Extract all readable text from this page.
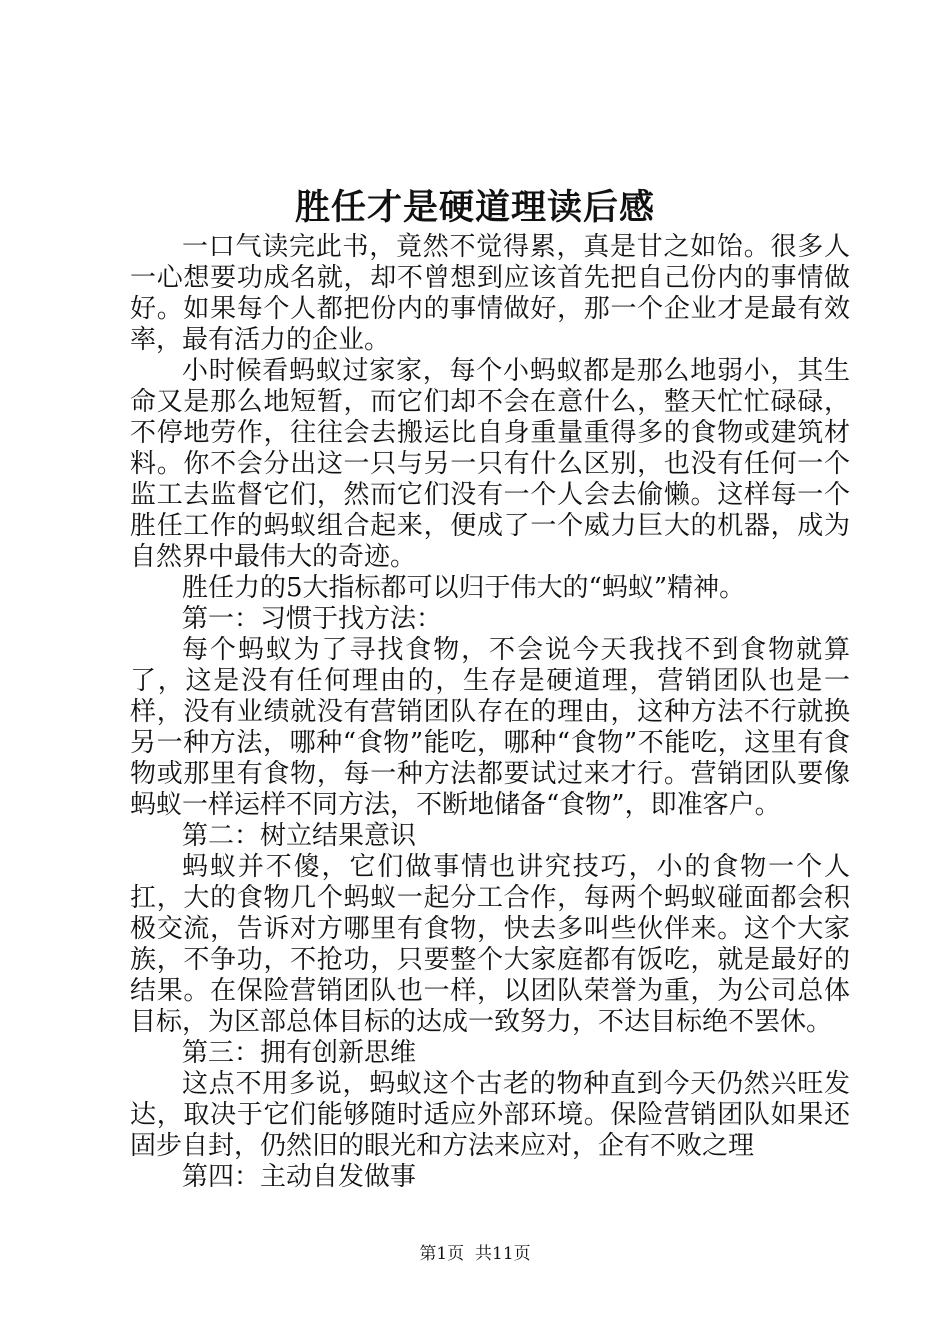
胜任才是硬道理读后感

一口气读完此书，竟然不觉得累，真是甘之如饴。很多人一心想要功成名就，却不曾想到应该首先把自己份内的事情做好。如果每个人都把份内的事情做好，那一个企业才是最有效率，最有活力的企业。

小时候看蚂蚁过家家，每个小蚂蚁都是那么地弱小，其生命又是那么地短暂，而它们却不会在意什么，整天忙忙碌碌，不停地劳作，往往会去搬运比自身重量重得多的食物或建筑材料。你不会分出这一只与另一只有什么区别，也没有任何一个监工去监督它们，然而它们没有一个人会去偷懒。这样每一个胜任工作的蚂蚁组合起来，便成了一个威力巨大的机器，成为自然界中最伟大的奇迹。

胜任力的5大指标都可以归于伟大的“蚂蚁”精神。

第一：习惯于找方法：

每个蚂蚁为了寻找食物，不会说今天我找不到食物就算了，这是没有任何理由的，生存是硬道理，营销团队也是一样，没有业绩就没有营销团队存在的理由，这种方法不行就换另一种方法，哪种“食物”能吃，哪种“食物”不能吃，这里有食物或那里有食物，每一种方法都要试过来才行。营销团队要像蚂蚁一样运样不同方法，不断地储备“食物”，即准客户。

第二：树立结果意识

蚂蚁并不傻，它们做事情也讲究技巧，小的食物一个人扛，大的食物几个蚂蚁一起分工合作，每两个蚂蚁碰面都会积极交流，告诉对方哪里有食物，快去多叫些伙伴来。这个大家族，不争功，不抢功，只要整个大家庭都有饭吃，就是最好的结果。在保险营销团队也一样，以团队荣誉为重，为公司总体目标，为区部总体目标的达成一致努力，不达目标绝不罢休。

第三：拥有创新思维

这点不用多说，蚂蚁这个古老的物种直到今天仍然兴旺发达，取决于它们能够随时适应外部环境。保险营销团队如果还固步自封，仍然旧的眼光和方法来应对，企有不败之理

第四：主动自发做事

第1页 共11页
